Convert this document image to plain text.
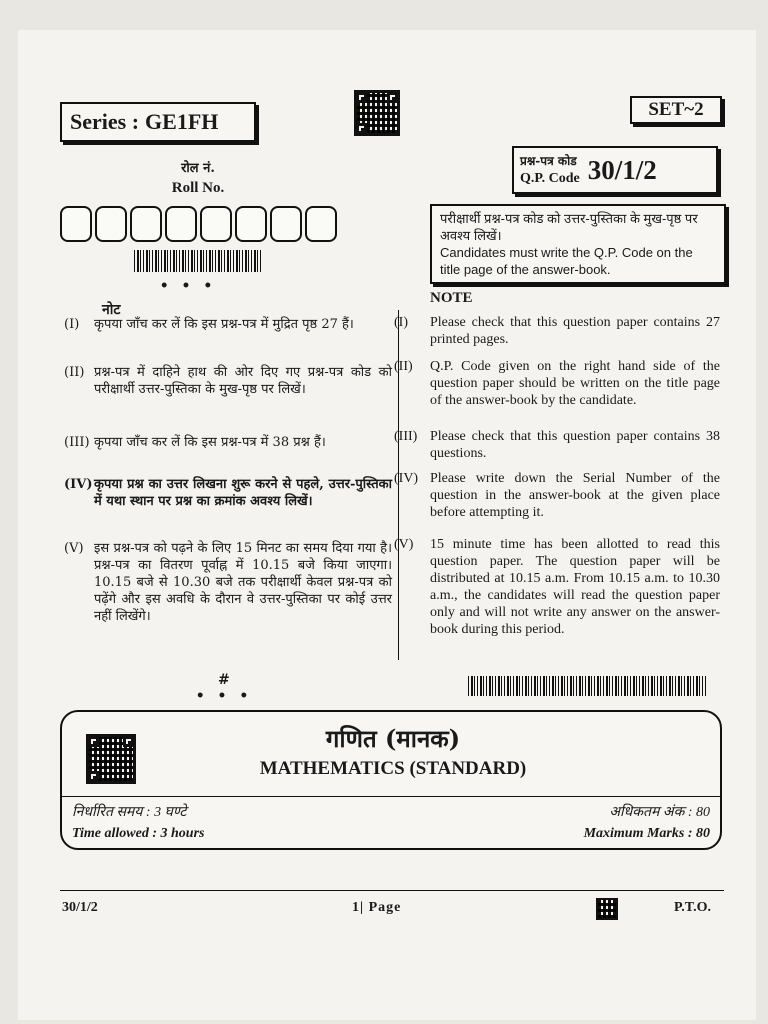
Series : GE1FH	SET~2
रोल नं.
Roll No.
• • •
प्रश्न-पत्र कोड
Q.P. Code 30/1/2
परीक्षार्थी प्रश्न-पत्र कोड को उत्तर-पुस्तिका के मुख-पृष्ठ पर अवश्य लिखें।
Candidates must write the Q.P. Code on the title page of the answer-book.
नोट
NOTE
(I)	कृपया जाँच कर लें कि इस प्रश्न-पत्र में मुद्रित पृष्ठ 27 हैं।
(II) प्रश्न-पत्र में दाहिने हाथ की ओर दिए गए प्रश्न-पत्र कोड को परीक्षार्थी उत्तर-पुस्तिका के मुख-पृष्ठ पर लिखें।
(III) कृपया जाँच कर लें कि इस प्रश्न-पत्र में 38 प्रश्न हैं।
(IV) कृपया प्रश्न का उत्तर लिखना शुरू करने से पहले, उत्तर-पुस्तिका में यथा स्थान पर प्रश्न का क्रमांक अवश्य लिखें।
(V) इस प्रश्न-पत्र को पढ़ने के लिए 15 मिनट का समय दिया गया है। प्रश्न-पत्र का वितरण पूर्वाह्न में 10.15 बजे किया जाएगा। 10.15 बजे से 10.30 बजे तक परीक्षार्थी केवल प्रश्न-पत्र को पढ़ेंगे और इस अवधि के दौरान वे उत्तर-पुस्तिका पर कोई उत्तर नहीं लिखेंगे।
(I)	Please check that this question paper contains 27 printed pages.
(II)	Q.P. Code given on the right hand side of the question paper should be written on the title page of the answer-book by the candidate.
(III) Please check that this question paper contains 38 questions.
(IV) Please write down the Serial Number of the question in the answer-book at the given place before attempting it.
(V)	15 minute time has been allotted to read this question paper. The question paper will be distributed at 10.15 a.m. From 10.15 a.m. to 10.30 a.m., the candidates will read the question paper only and will not write any answer on the answer-book during this period.
#
• • •
गणित (मानक)
MATHEMATICS (STANDARD)
निर्धारित समय : 3 घण्टे	अधिकतम अंक : 80
Time allowed : 3 hours	Maximum Marks : 80
30/1/2	1| Page	P.T.O.
